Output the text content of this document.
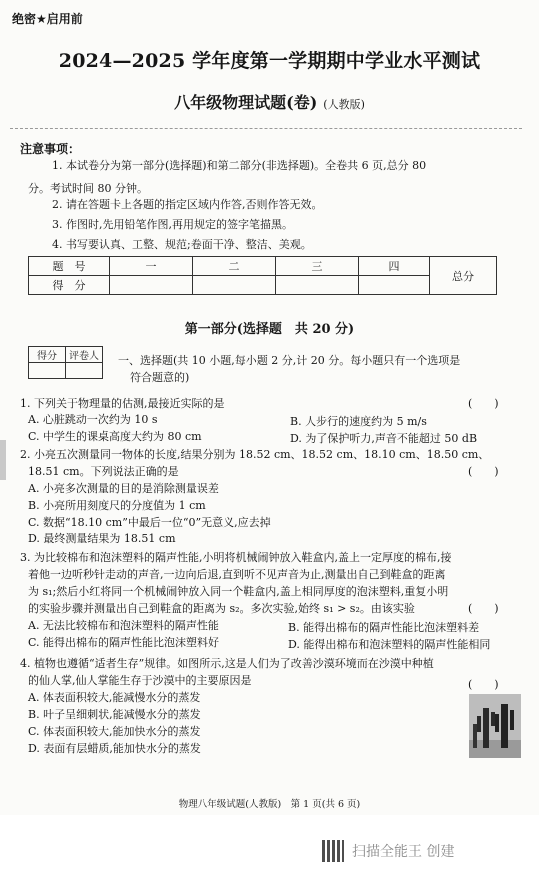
绝密★启用前
2024—2025 学年度第一学期期中学业水平测试
八年级物理试题(卷) (人教版)
注意事项：
1. 本试卷分为第一部分(选择题)和第二部分(非选择题)。全卷共 6 页,总分 80
分。考试时间 80 分钟。
2. 请在答题卡上各题的指定区域内作答,否则作答无效。
3. 作图时,先用铅笔作图,再用规定的签字笔描黑。
4. 书写要认真、工整、规范;卷面干净、整洁、美观。
题　号	一	二	三	四	总分
得　分					
第一部分(选择题　共 20 分)
得分	评卷人
	一、选择题(共 10 小题,每小题 2 分,计 20 分。每小题只有一个选项是
符合题意的)
1. 下列关于物理量的估测,最接近实际的是	(　　)
A. 心脏跳动一次约为 10 s	B. 人步行的速度约为 5 m/s
C. 中学生的课桌高度大约为 80 cm	D. 为了保护听力,声音不能超过 50 dB
2. 小亮五次测量同一物体的长度,结果分别为 18.52 cm、18.52 cm、18.10 cm、18.50 cm、
18.51 cm。下列说法正确的是	(　　)
A. 小亮多次测量的目的是消除测量误差
B. 小亮所用刻度尺的分度值为 1 cm
C. 数据“18.10 cm”中最后一位“0”无意义,应去掉
D. 最终测量结果为 18.51 cm
3. 为比较棉布和泡沫塑料的隔声性能,小明将机械闹钟放入鞋盒内,盖上一定厚度的棉布,接
着他一边听秒针走动的声音,一边向后退,直到听不见声音为止,测量出自己到鞋盒的距离
为 s₁;然后小红将同一个机械闹钟放入同一个鞋盒内,盖上相同厚度的泡沫塑料,重复小明
的实验步骤并测量出自己到鞋盒的距离为 s₂。多次实验,始终 s₁ > s₂。由该实验	(　　)
A. 无法比较棉布和泡沫塑料的隔声性能	B. 能得出棉布的隔声性能比泡沫塑料差
C. 能得出棉布的隔声性能比泡沫塑料好	D. 能得出棉布和泡沫塑料的隔声性能相同
4. 植物也遵循“适者生存”规律。如图所示,这是人们为了改善沙漠环境而在沙漠中种植
的仙人掌,仙人掌能生存于沙漠中的主要原因是	(　　)
A. 体表面积较大,能减慢水分的蒸发
B. 叶子呈细刺状,能减慢水分的蒸发
C. 体表面积较大,能加快水分的蒸发
D. 表面有层蜡质,能加快水分的蒸发
物理八年级试题(人教版)　第 1 页(共 6 页)
扫描全能王 创建
